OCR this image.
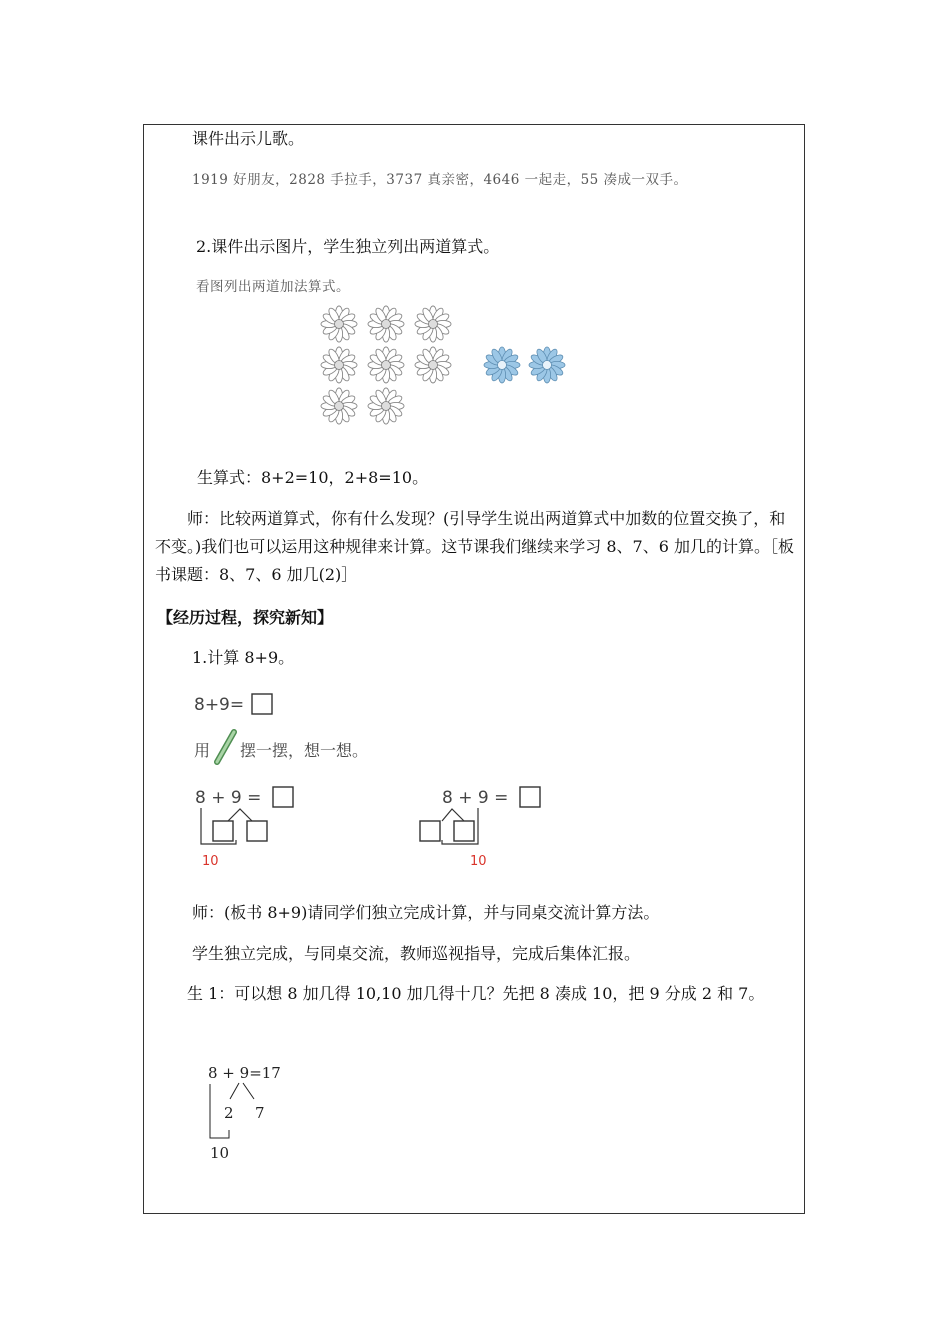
课件出示儿歌。
1919 好朋友，2828 手拉手，3737 真亲密，4646 一起走，55 凑成一双手。
2.课件出示图片，学生独立列出两道算式。
看图列出两道加法算式。
生算式：8+2=10，2+8=10。
师：比较两道算式，你有什么发现？(引导学生说出两道算式中加数的位置交换了，和不变。)我们也可以运用这种规律来计算。这节课我们继续来学习 8、7、6 加几的计算。［板书课题：8、7、6 加几(2)］
【经历过程，探究新知】
1.计算 8+9。
8+9=
用 摆一摆，想一想。
8 + 9 =
10
8 + 9 =
10
师：(板书 8+9)请同学们独立完成计算，并与同桌交流计算方法。
学生独立完成，与同桌交流，教师巡视指导，完成后集体汇报。
生 1：可以想 8 加几得 10,10 加几得十几？先把 8 凑成 10，把 9 分成 2 和 7。
8 + 9=17
2 7
10
